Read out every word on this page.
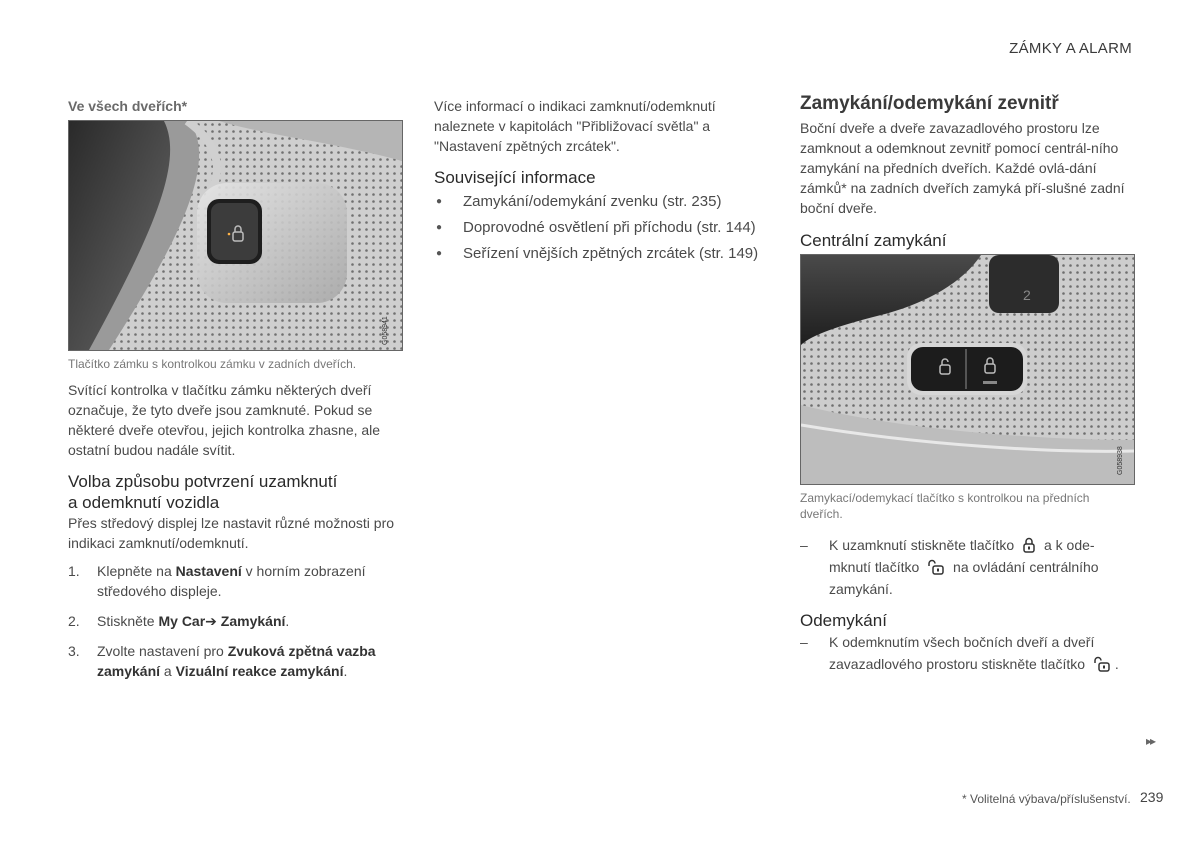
ZÁMKY A ALARM
Ve všech dveřích*
G058941
Tlačítko zámku s kontrolkou zámku v zadních dveřích.

Svítící kontrolka v tlačítku zámku některých dveří označuje, že tyto dveře jsou zamknuté. Pokud se některé dveře otevřou, jejich kontrolka zhasne, ale ostatní budou nadále svítit.

Volba způsobu potvrzení uzamknutí
a odemknutí vozidla

Přes středový displej lze nastavit různé možnosti pro indikaci zamknutí/odemknutí.

1. Klepněte na Nastavení v horním zobrazení středového displeje.
2. Stiskněte My Car➔ Zamykání.
3. Zvolte nastavení pro Zvuková zpětná vazba zamykání a Vizuální reakce zamykání.

Více informací o indikaci zamknutí/odemknutí naleznete v kapitolách "Přibližovací světla" a "Nastavení zpětných zrcátek".

Související informace
● Zamykání/odemykání zvenku (str. 235)
● Doprovodné osvětlení při příchodu (str. 144)
● Seřízení vnějších zpětných zrcátek (str. 149)
Zamykání/odemykání zevnitř

Boční dveře a dveře zavazadlového prostoru lze zamknout a odemknout zevnitř pomocí centrál-ního zamykání na předních dveřích. Každé ovlá-dání zámků* na zadních dveřích zamyká pří-slušné zadní boční dveře.

Centrální zamykání
2
G058938
Zamykací/odemykací tlačítko s kontrolkou na předních dveřích.
– K uzamknutí stiskněte tlačítko a k ode- mknutí tlačítko na ovládání centrálního zamykání.
Odemykání
– K odemknutím všech bočních dveří a dveří zavazadlového prostoru stiskněte tlačítko .
▸▸
* Volitelná výbava/příslušenství. 239
